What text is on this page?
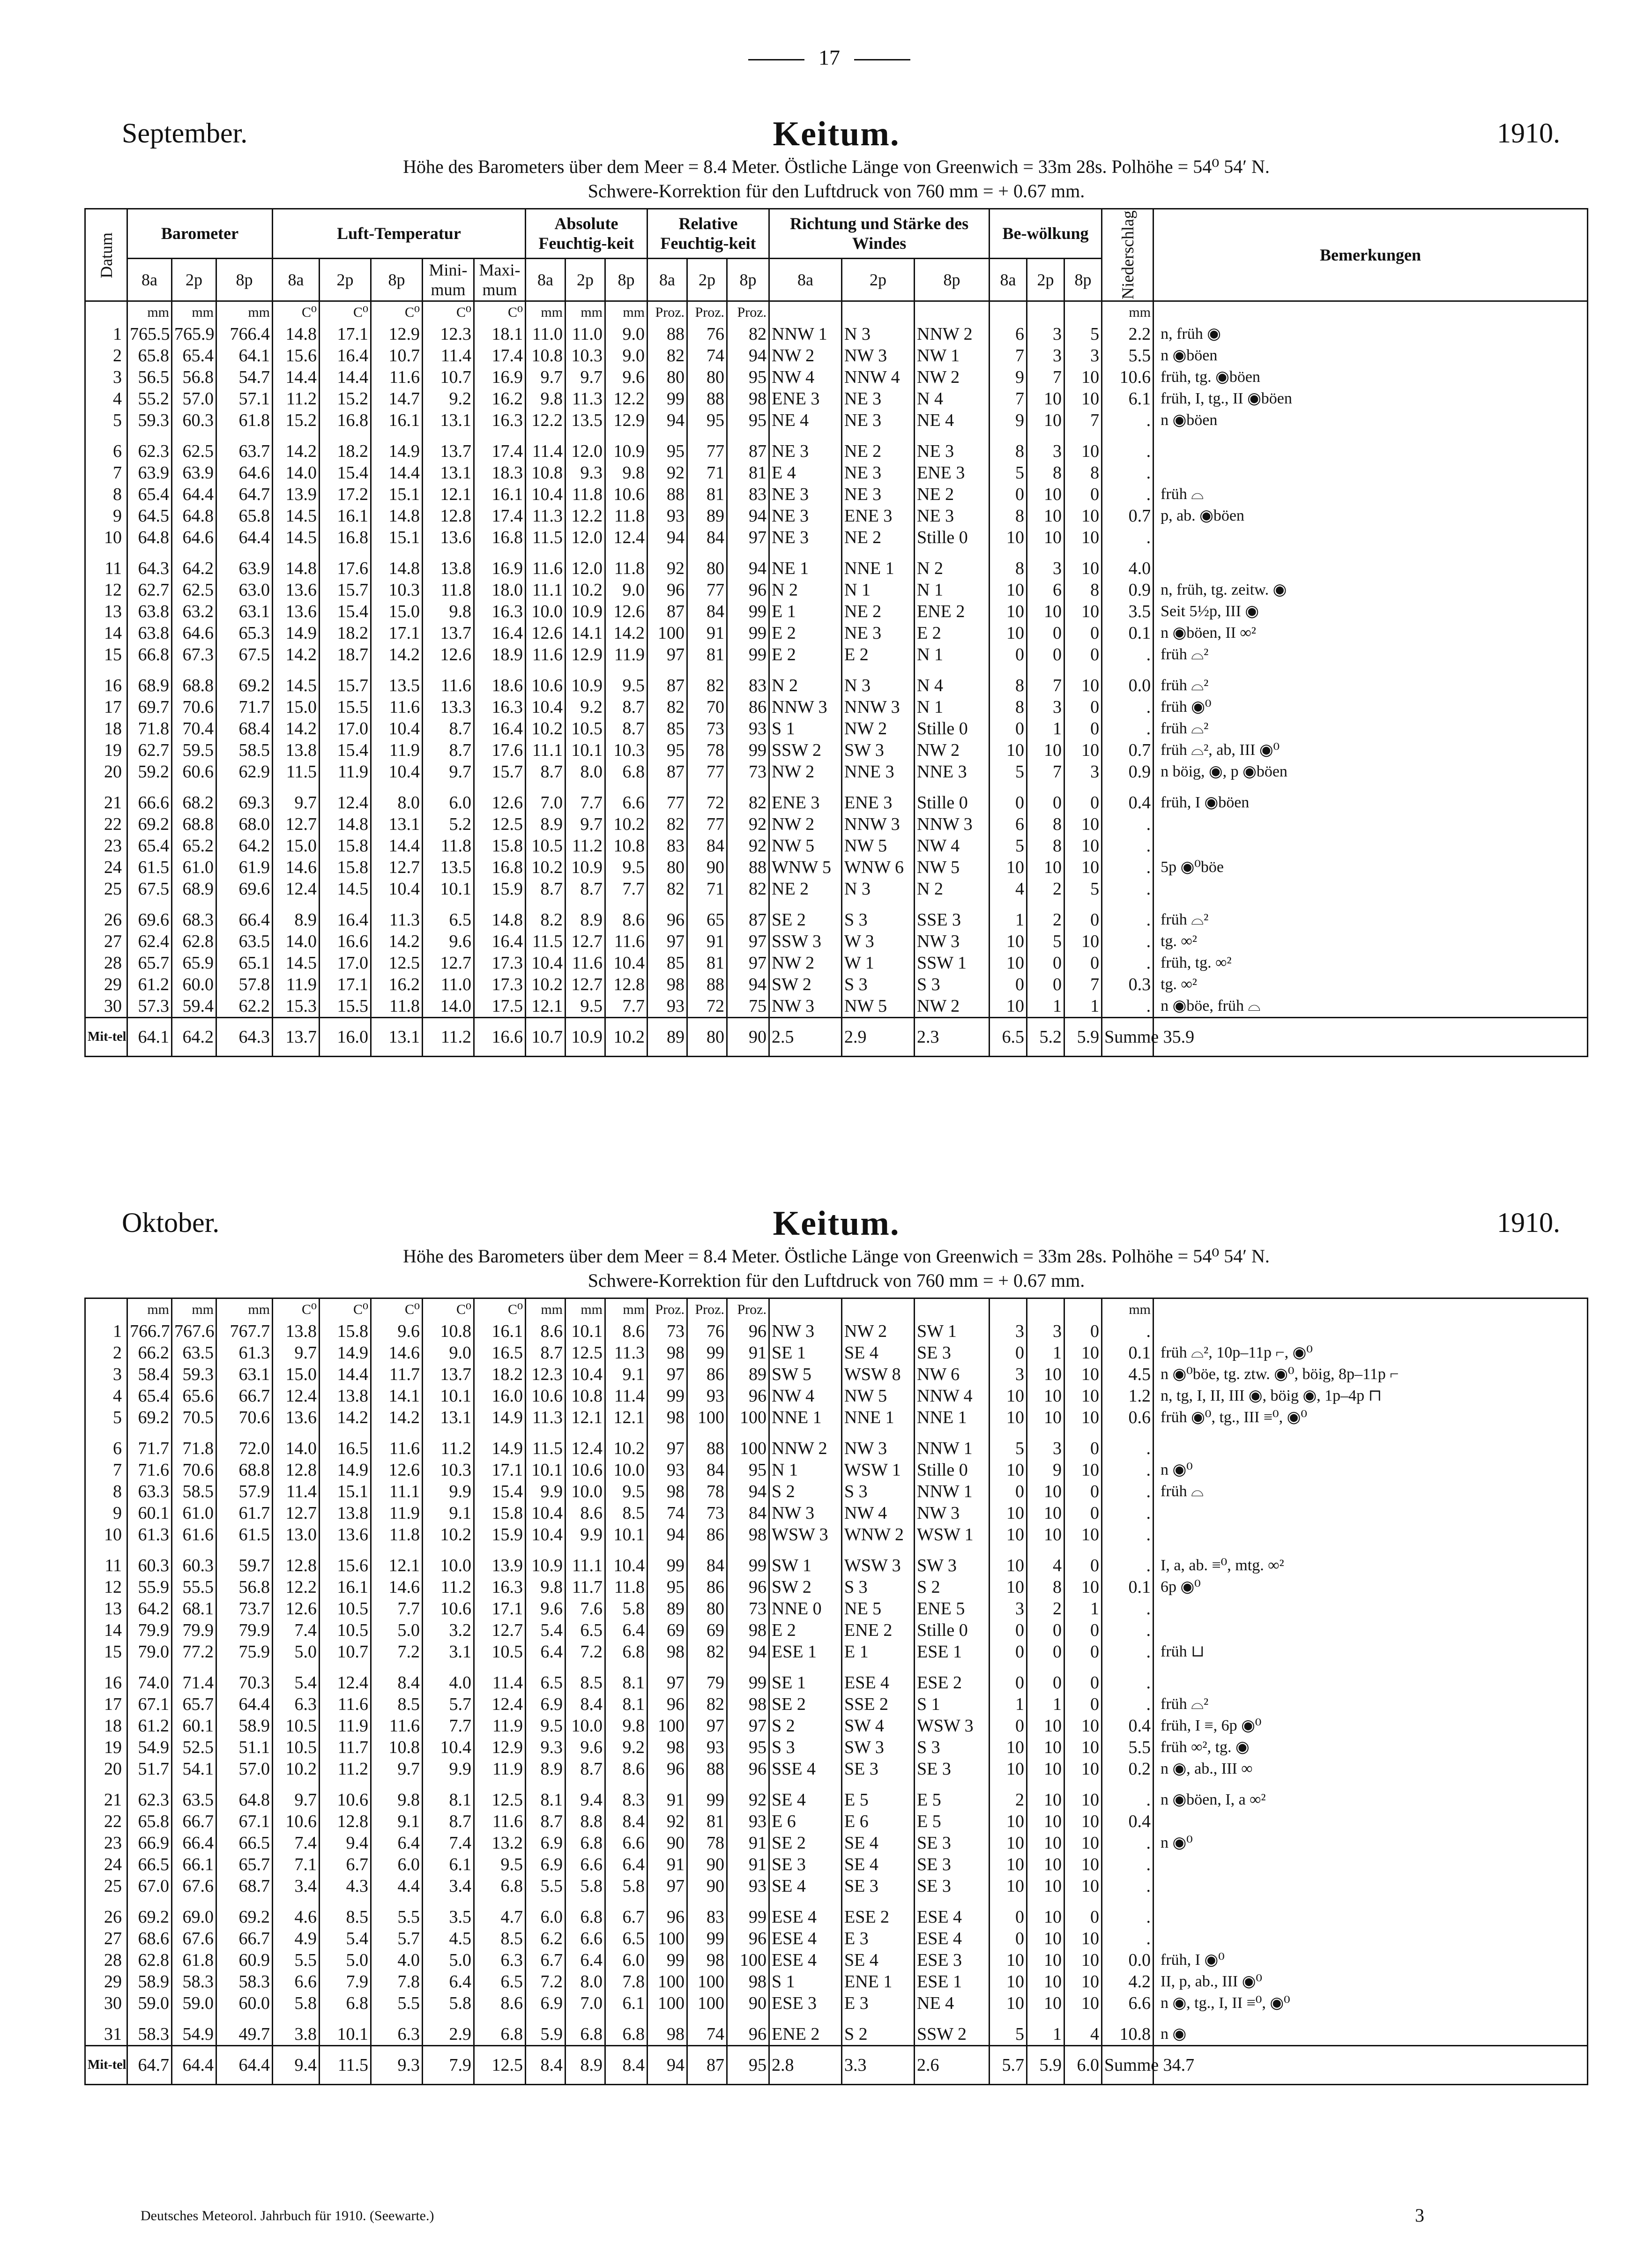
17
September.	Keitum.	1910.
Höhe des Barometers über dem Meer = 8.4 Meter. Östliche Länge von Greenwich = 33m 28s. Polhöhe = 54⁰ 54′ N.
Schwere-Korrektion für den Luftdruck von 760 mm = + 0.67 mm.
Datum	Barometer			Luft-Temperatur					Absolute Feuchtig-keit			Relative Feuchtig-keit			Richtung und Stärke des Windes			Be-wölkung			Niederschlag	Bemerkungen
	8a	2p	8p	8a	2p	8p	Mini-mum	Maxi-mum	8a	2p	8p	8a	2p	8p	8a	2p	8p	8a	2p	8p		
	mm	mm	mm	C⁰	C⁰	C⁰	C⁰	C⁰	mm	mm	mm	Proz.	Proz.	Proz.							mm	
1	765.5	765.9	766.4	14.8	17.1	12.9	12.3	18.1	11.0	11.0	9.0	88	76	82	NNW 1	N 3	NNW 2	6	3	5	2.2	n, früh ◉
2	65.8	65.4	64.1	15.6	16.4	10.7	11.4	17.4	10.8	10.3	9.0	82	74	94	NW 2	NW 3	NW 1	7	3	3	5.5	n ◉böen
3	56.5	56.8	54.7	14.4	14.4	11.6	10.7	16.9	9.7	9.7	9.6	80	80	95	NW 4	NNW 4	NW 2	9	7	10	10.6	früh, tg. ◉böen
4	55.2	57.0	57.1	11.2	15.2	14.7	9.2	16.2	9.8	11.3	12.2	99	88	98	ENE 3	NE 3	N 4	7	10	10	6.1	früh, I, tg., II ◉böen
5	59.3	60.3	61.8	15.2	16.8	16.1	13.1	16.3	12.2	13.5	12.9	94	95	95	NE 4	NE 3	NE 4	9	10	7	.	n ◉böen

6	62.3	62.5	63.7	14.2	18.2	14.9	13.7	17.4	11.4	12.0	10.9	95	77	87	NE 3	NE 2	NE 3	8	3	10	.	
7	63.9	63.9	64.6	14.0	15.4	14.4	13.1	18.3	10.8	9.3	9.8	92	71	81	E 4	NE 3	ENE 3	5	8	8	.	
8	65.4	64.4	64.7	13.9	17.2	15.1	12.1	16.1	10.4	11.8	10.6	88	81	83	NE 3	NE 3	NE 2	0	10	0	.	früh ⌓
9	64.5	64.8	65.8	14.5	16.1	14.8	12.8	17.4	11.3	12.2	11.8	93	89	94	NE 3	ENE 3	NE 3	8	10	10	0.7	p, ab. ◉böen
10	64.8	64.6	64.4	14.5	16.8	15.1	13.6	16.8	11.5	12.0	12.4	94	84	97	NE 3	NE 2	Stille 0	10	10	10	.	

11	64.3	64.2	63.9	14.8	17.6	14.8	13.8	16.9	11.6	12.0	11.8	92	80	94	NE 1	NNE 1	N 2	8	3	10	4.0	
12	62.7	62.5	63.0	13.6	15.7	10.3	11.8	18.0	11.1	10.2	9.0	96	77	96	N 2	N 1	N 1	10	6	8	0.9	n, früh, tg. zeitw. ◉
13	63.8	63.2	63.1	13.6	15.4	15.0	9.8	16.3	10.0	10.9	12.6	87	84	99	E 1	NE 2	ENE 2	10	10	10	3.5	Seit 5½p, III ◉
14	63.8	64.6	65.3	14.9	18.2	17.1	13.7	16.4	12.6	14.1	14.2	100	91	99	E 2	NE 3	E 2	10	0	0	0.1	n ◉böen, II ∞²
15	66.8	67.3	67.5	14.2	18.7	14.2	12.6	18.9	11.6	12.9	11.9	97	81	99	E 2	E 2	N 1	0	0	0	.	früh ⌓²

16	68.9	68.8	69.2	14.5	15.7	13.5	11.6	18.6	10.6	10.9	9.5	87	82	83	N 2	N 3	N 4	8	7	10	0.0	früh ⌓²
17	69.7	70.6	71.7	15.0	15.5	11.6	13.3	16.3	10.4	9.2	8.7	82	70	86	NNW 3	NNW 3	N 1	8	3	0	.	früh ◉⁰
18	71.8	70.4	68.4	14.2	17.0	10.4	8.7	16.4	10.2	10.5	8.7	85	73	93	S 1	NW 2	Stille 0	0	1	0	.	früh ⌓²
19	62.7	59.5	58.5	13.8	15.4	11.9	8.7	17.6	11.1	10.1	10.3	95	78	99	SSW 2	SW 3	NW 2	10	10	10	0.7	früh ⌓², ab, III ◉⁰
20	59.2	60.6	62.9	11.5	11.9	10.4	9.7	15.7	8.7	8.0	6.8	87	77	73	NW 2	NNE 3	NNE 3	5	7	3	0.9	n böig, ◉, p ◉böen

21	66.6	68.2	69.3	9.7	12.4	8.0	6.0	12.6	7.0	7.7	6.6	77	72	82	ENE 3	ENE 3	Stille 0	0	0	0	0.4	früh, I ◉böen
22	69.2	68.8	68.0	12.7	14.8	13.1	5.2	12.5	8.9	9.7	10.2	82	77	92	NW 2	NNW 3	NNW 3	6	8	10	.	
23	65.4	65.2	64.2	15.0	15.8	14.4	11.8	15.8	10.5	11.2	10.8	83	84	92	NW 5	NW 5	NW 4	5	8	10	.	
24	61.5	61.0	61.9	14.6	15.8	12.7	13.5	16.8	10.2	10.9	9.5	80	90	88	WNW 5	WNW 6	NW 5	10	10	10	.	5p ◉⁰böe
25	67.5	68.9	69.6	12.4	14.5	10.4	10.1	15.9	8.7	8.7	7.7	82	71	82	NE 2	N 3	N 2	4	2	5	.	

26	69.6	68.3	66.4	8.9	16.4	11.3	6.5	14.8	8.2	8.9	8.6	96	65	87	SE 2	S 3	SSE 3	1	2	0	.	früh ⌓²
27	62.4	62.8	63.5	14.0	16.6	14.2	9.6	16.4	11.5	12.7	11.6	97	91	97	SSW 3	W 3	NW 3	10	5	10	.	tg. ∞²
28	65.7	65.9	65.1	14.5	17.0	12.5	12.7	17.3	10.4	11.6	10.4	85	81	97	NW 2	W 1	SSW 1	10	0	0	.	früh, tg. ∞²
29	61.2	60.0	57.8	11.9	17.1	16.2	11.0	17.3	10.2	12.7	12.8	98	88	94	SW 2	S 3	S 3	0	0	7	0.3	tg. ∞²
30	57.3	59.4	62.2	15.3	15.5	11.8	14.0	17.5	12.1	9.5	7.7	93	72	75	NW 3	NW 5	NW 2	10	1	1	.	n ◉böe, früh ⌓
Mit-tel	64.1	64.2	64.3	13.7	16.0	13.1	11.2	16.6	10.7	10.9	10.2	89	80	90	2.5	2.9	2.3	6.5	5.2	5.9	Summe 35.9	
Oktober.	Keitum.	1910.
Höhe des Barometers über dem Meer = 8.4 Meter. Östliche Länge von Greenwich = 33m 28s. Polhöhe = 54⁰ 54′ N.
Schwere-Korrektion für den Luftdruck von 760 mm = + 0.67 mm.
	mm	mm	mm	C⁰	C⁰	C⁰	C⁰	C⁰	mm	mm	mm	Proz.	Proz.	Proz.							mm	
1	766.7	767.6	767.7	13.8	15.8	9.6	10.8	16.1	8.6	10.1	8.6	73	76	96	NW 3	NW 2	SW 1	3	3	0	.	
2	66.2	63.5	61.3	9.7	14.9	14.6	9.0	16.5	8.7	12.5	11.3	98	99	91	SE 1	SE 4	SE 3	0	1	10	0.1	früh ⌓², 10p–11p ⌐, ◉⁰
3	58.4	59.3	63.1	15.0	14.4	11.7	13.7	18.2	12.3	10.4	9.1	97	86	89	SW 5	WSW 8	NW 6	3	10	10	4.5	n ◉⁰böe, tg. ztw. ◉⁰, böig, 8p–11p ⌐
4	65.4	65.6	66.7	12.4	13.8	14.1	10.1	16.0	10.6	10.8	11.4	99	93	96	NW 4	NW 5	NNW 4	10	10	10	1.2	n, tg, I, II, III ◉, böig ◉, 1p–4p ⊓
5	69.2	70.5	70.6	13.6	14.2	14.2	13.1	14.9	11.3	12.1	12.1	98	100	100	NNE 1	NNE 1	NNE 1	10	10	10	0.6	früh ◉⁰, tg., III ≡⁰, ◉⁰

6	71.7	71.8	72.0	14.0	16.5	11.6	11.2	14.9	11.5	12.4	10.2	97	88	100	NNW 2	NW 3	NNW 1	5	3	0	.	
7	71.6	70.6	68.8	12.8	14.9	12.6	10.3	17.1	10.1	10.6	10.0	93	84	95	N 1	WSW 1	Stille 0	10	9	10	.	n ◉⁰
8	63.3	58.5	57.9	11.4	15.1	11.1	9.9	15.4	9.9	10.0	9.5	98	78	94	S 2	S 3	NNW 1	0	10	0	.	früh ⌓
9	60.1	61.0	61.7	12.7	13.8	11.9	9.1	15.8	10.4	8.6	8.5	74	73	84	NW 3	NW 4	NW 3	10	10	0	.	
10	61.3	61.6	61.5	13.0	13.6	11.8	10.2	15.9	10.4	9.9	10.1	94	86	98	WSW 3	WNW 2	WSW 1	10	10	10	.	

11	60.3	60.3	59.7	12.8	15.6	12.1	10.0	13.9	10.9	11.1	10.4	99	84	99	SW 1	WSW 3	SW 3	10	4	0	.	I, a, ab. ≡⁰, mtg. ∞²
12	55.9	55.5	56.8	12.2	16.1	14.6	11.2	16.3	9.8	11.7	11.8	95	86	96	SW 2	S 3	S 2	10	8	10	0.1	6p ◉⁰
13	64.2	68.1	73.7	12.6	10.5	7.7	10.6	17.1	9.6	7.6	5.8	89	80	73	NNE 0	NE 5	ENE 5	3	2	1	.	
14	79.9	79.9	79.9	7.4	10.5	5.0	3.2	12.7	5.4	6.5	6.4	69	69	98	E 2	ENE 2	Stille 0	0	0	0	.	
15	79.0	77.2	75.9	5.0	10.7	7.2	3.1	10.5	6.4	7.2	6.8	98	82	94	ESE 1	E 1	ESE 1	0	0	0	.	früh ⊔

16	74.0	71.4	70.3	5.4	12.4	8.4	4.0	11.4	6.5	8.5	8.1	97	79	99	SE 1	ESE 4	ESE 2	0	0	0	.	
17	67.1	65.7	64.4	6.3	11.6	8.5	5.7	12.4	6.9	8.4	8.1	96	82	98	SE 2	SSE 2	S 1	1	1	0	.	früh ⌓²
18	61.2	60.1	58.9	10.5	11.9	11.6	7.7	11.9	9.5	10.0	9.8	100	97	97	S 2	SW 4	WSW 3	0	10	10	0.4	früh, I ≡, 6p ◉⁰
19	54.9	52.5	51.1	10.5	11.7	10.8	10.4	12.9	9.3	9.6	9.2	98	93	95	S 3	SW 3	S 3	10	10	10	5.5	früh ∞², tg. ◉
20	51.7	54.1	57.0	10.2	11.2	9.7	9.9	11.9	8.9	8.7	8.6	96	88	96	SSE 4	SE 3	SE 3	10	10	10	0.2	n ◉, ab., III ∞

21	62.3	63.5	64.8	9.7	10.6	9.8	8.1	12.5	8.1	9.4	8.3	91	99	92	SE 4	E 5	E 5	2	10	10	.	n ◉böen, I, a ∞²
22	65.8	66.7	67.1	10.6	12.8	9.1	8.7	11.6	8.7	8.8	8.4	92	81	93	E 6	E 6	E 5	10	10	10	0.4	
23	66.9	66.4	66.5	7.4	9.4	6.4	7.4	13.2	6.9	6.8	6.6	90	78	91	SE 2	SE 4	SE 3	10	10	10	.	n ◉⁰
24	66.5	66.1	65.7	7.1	6.7	6.0	6.1	9.5	6.9	6.6	6.4	91	90	91	SE 3	SE 4	SE 3	10	10	10	.	
25	67.0	67.6	68.7	3.4	4.3	4.4	3.4	6.8	5.5	5.8	5.8	97	90	93	SE 4	SE 3	SE 3	10	10	10	.	

26	69.2	69.0	69.2	4.6	8.5	5.5	3.5	4.7	6.0	6.8	6.7	96	83	99	ESE 4	ESE 2	ESE 4	0	10	0	.	
27	68.6	67.6	66.7	4.9	5.4	5.7	4.5	8.5	6.2	6.6	6.5	100	99	96	ESE 4	E 3	ESE 4	0	10	10	.	
28	62.8	61.8	60.9	5.5	5.0	4.0	5.0	6.3	6.7	6.4	6.0	99	98	100	ESE 4	SE 4	ESE 3	10	10	10	0.0	früh, I ◉⁰
29	58.9	58.3	58.3	6.6	7.9	7.8	6.4	6.5	7.2	8.0	7.8	100	100	98	S 1	ENE 1	ESE 1	10	10	10	4.2	II, p, ab., III ◉⁰
30	59.0	59.0	60.0	5.8	6.8	5.5	5.8	8.6	6.9	7.0	6.1	100	100	90	ESE 3	E 3	NE 4	10	10	10	6.6	n ◉, tg., I, II ≡⁰, ◉⁰

31	58.3	54.9	49.7	3.8	10.1	6.3	2.9	6.8	5.9	6.8	6.8	98	74	96	ENE 2	S 2	SSW 2	5	1	4	10.8	n ◉
Mit-tel	64.7	64.4	64.4	9.4	11.5	9.3	7.9	12.5	8.4	8.9	8.4	94	87	95	2.8	3.3	2.6	5.7	5.9	6.0	Summe 34.7	
Deutsches Meteorol. Jahrbuch für 1910. (Seewarte.)	3
